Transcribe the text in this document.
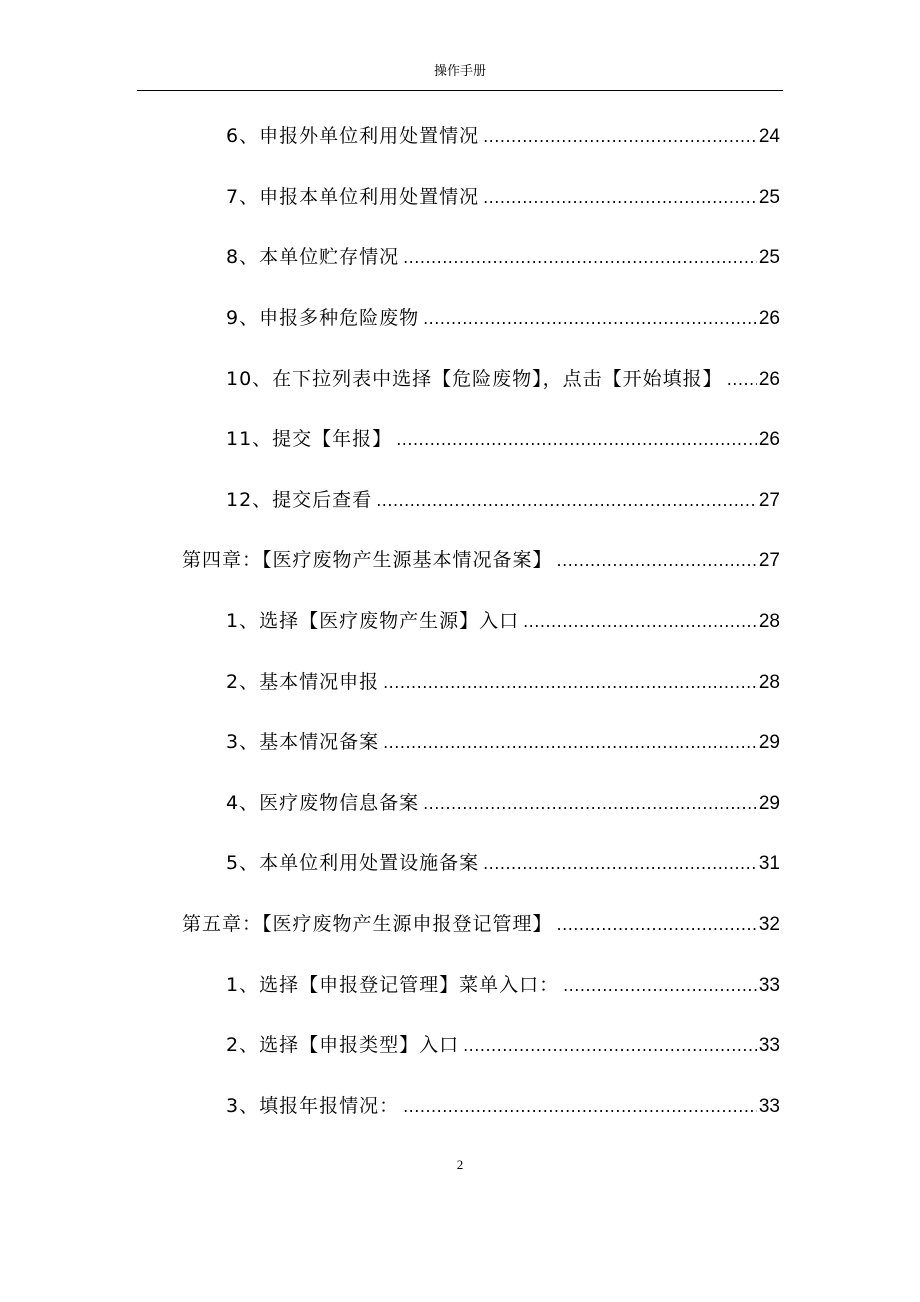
操作手册
6、申报外单位利用处置情况 .....	24
7、申报本单位利用处置情况 .....	25
8、本单位贮存情况 .....	25
9、申报多种危险废物 .....	26
10、在下拉列表中选择【危险废物】，点击【开始填报】 ..... 26
11、提交【年报】 .....	26
12、提交后查看 .....	27
第四章：【医疗废物产生源基本情况备案】 .....	27
1、选择【医疗废物产生源】入口 .....	28
2、基本情况申报 .....	28
3、基本情况备案 .....	29
4、医疗废物信息备案 .....	29
5、本单位利用处置设施备案 .....	31
第五章：【医疗废物产生源申报登记管理】 .....	32
1、选择【申报登记管理】菜单入口： .....	33
2、选择【申报类型】入口 .....	33
3、填报年报情况： .....	33
2
